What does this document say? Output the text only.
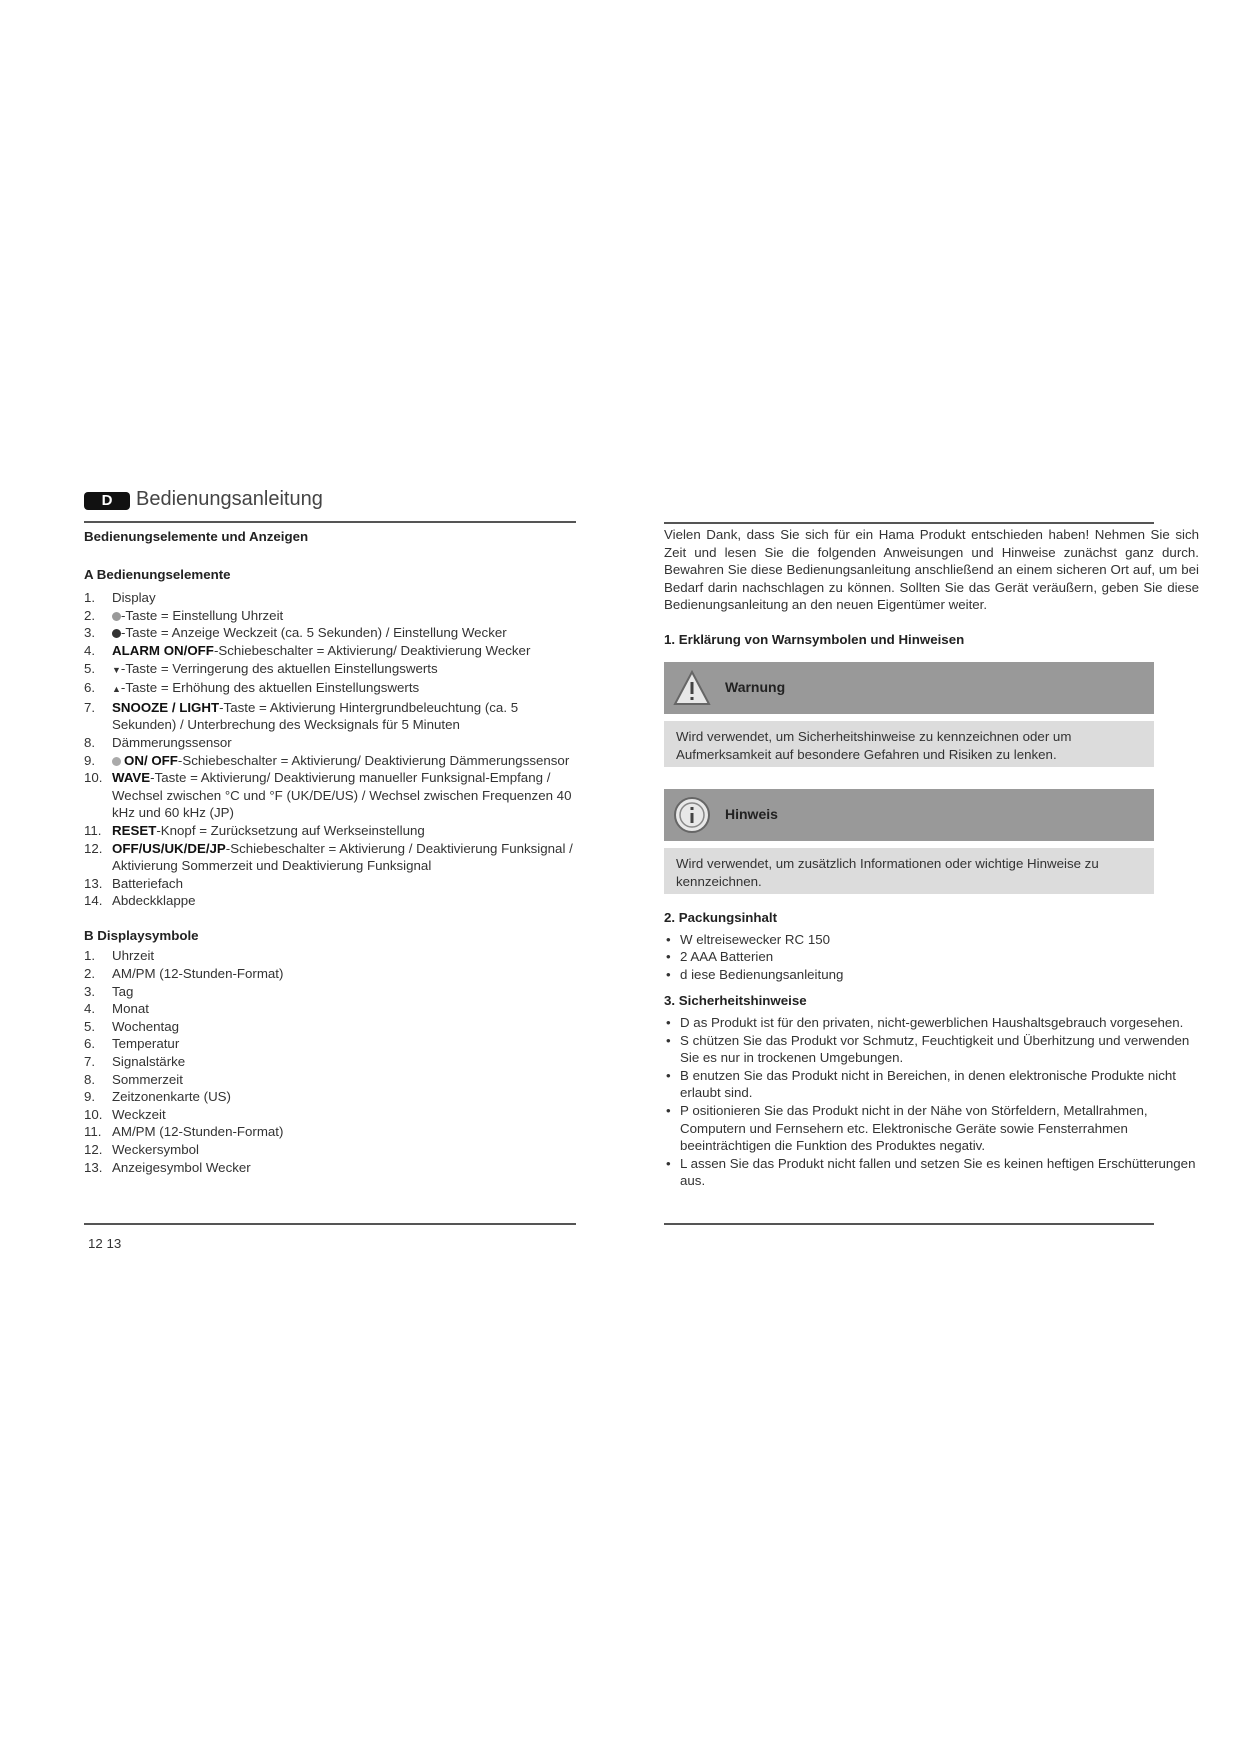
D	Bedienungsanleitung
Bedienungselemente und Anzeigen
A Bedienungselemente
1. Display
2. -Taste = Einstellung Uhrzeit
3. -Taste = Anzeige Weckzeit (ca. 5 Sekunden) / Einstellung Wecker
4. ALARM ON/OFF-Schiebeschalter = Aktivierung/ Deaktivierung Wecker
5. ▼-Taste = Verringerung des aktuellen Einstellungswerts
6. ▲-Taste = Erhöhung des aktuellen Einstellungswerts
7. SNOOZE / LIGHT-Taste = Aktivierung Hintergrundbeleuchtung (ca. 5 Sekunden) / Unterbrechung des Wecksignals für 5 Minuten
8. Dämmerungssensor
9. ON/ OFF-Schiebeschalter = Aktivierung/ Deaktivierung Dämmerungssensor
10. WAVE-Taste = Aktivierung/ Deaktivierung manueller Funksignal-Empfang / Wechsel zwischen °C und °F (UK/DE/US) / Wechsel zwischen Frequenzen 40 kHz und 60 kHz (JP)
11. RESET-Knopf = Zurücksetzung auf Werkseinstellung
12. OFF/US/UK/DE/JP-Schiebeschalter = Aktivierung / Deaktivierung Funksignal / Aktivierung Sommerzeit und Deaktivierung Funksignal
13. Batteriefach
14. Abdeckklappe
B Displaysymbole
1. Uhrzeit
2. AM/PM (12-Stunden-Format)
3. Tag
4. Monat
5. Wochentag
6. Temperatur
7. Signalstärke
8. Sommerzeit
9. Zeitzonenkarte (US)
10. Weckzeit
11. AM/PM (12-Stunden-Format)
12. Weckersymbol
13. Anzeigesymbol Wecker
Vielen Dank, dass Sie sich für ein Hama Produkt entschieden haben! Nehmen Sie sich Zeit und lesen Sie die folgenden Anweisungen und Hinweise zunächst ganz durch. Bewahren Sie diese Bedienungsanleitung anschließend an einem sicheren Ort auf, um bei Bedarf darin nachschlagen zu können. Sollten Sie das Gerät veräußern, geben Sie diese Bedienungsanleitung an den neuen Eigentümer weiter.
1. Erklärung von Warnsymbolen und Hinweisen
Warnung
Wird verwendet, um Sicherheitshinweise zu kennzeichnen oder um Aufmerksamkeit auf besondere Gefahren und Risiken zu lenken.
Hinweis
Wird verwendet, um zusätzlich Informationen oder wichtige Hinweise zu kennzeichnen.
2. Packungsinhalt
• W eltreisewecker RC 150
• 2 AAA Batterien
• d iese Bedienungsanleitung
3. Sicherheitshinweise
• D as Produkt ist für den privaten, nicht-gewerblichen Haushaltsgebrauch vorgesehen.
• S chützen Sie das Produkt vor Schmutz, Feuchtigkeit und Überhitzung und verwenden Sie es nur in trockenen Umgebungen.
• B enutzen Sie das Produkt nicht in Bereichen, in denen elektronische Produkte nicht erlaubt sind.
• P ositionieren Sie das Produkt nicht in der Nähe von Störfeldern, Metallrahmen, Computern und Fernsehern etc. Elektronische Geräte sowie Fensterrahmen beeinträchtigen die Funktion des Produktes negativ.
• L assen Sie das Produkt nicht fallen und setzen Sie es keinen heftigen Erschütterungen aus.
12 13
